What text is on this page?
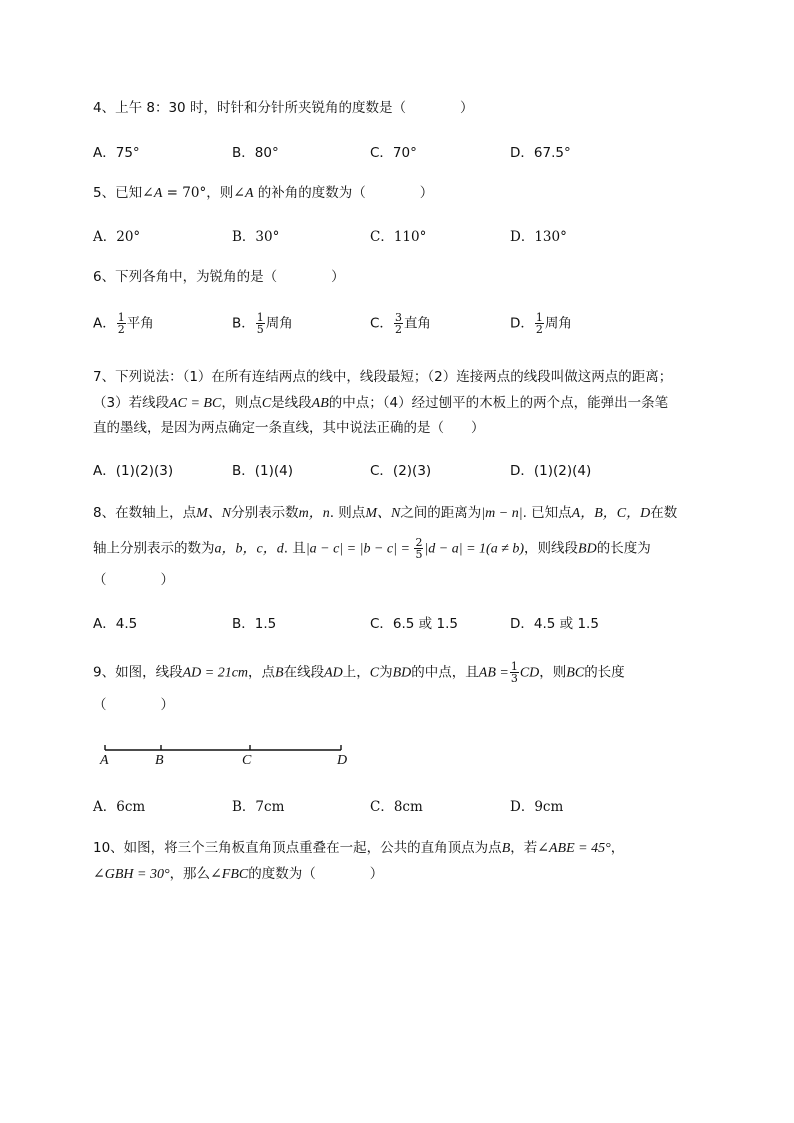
4、上午 8：30 时，时针和分针所夹锐角的度数是（　　　　）
A．75°	B．80°	C．70°	D．67.5°
5、已知∠A = 70°，则∠A 的补角的度数为（　　　　）
A．20°	B．30°	C．110°	D．130°
6、下列各角中，为锐角的是（　　　　）
A． $\frac{1}{2}$ 平角	B． $\frac{1}{5}$ 周角	C． $\frac{3}{2}$ 直角	D． $\frac{1}{2}$ 周角
7、下列说法：（1）在所有连结两点的线中，线段最短；（2）连接两点的线段叫做这两点的距离；
（3）若线段AC = BC，则点C是线段AB的中点；（4）经过刨平的木板上的两个点，能弹出一条笔
直的墨线，是因为两点确定一条直线，其中说法正确的是（　　）
A．(1)(2)(3)	B．(1)(4)	C．(2)(3)	D．(1)(2)(4)
8、在数轴上，点M、N分别表示数m，n. 则点M、N之间的距离为|m − n|. 已知点A，B，C，D在数
轴上分别表示的数为a，b，c，d. 且$|a - c| = |b - c| = \frac{2}{5} |d - a| = 1(a \ne b)$，则线段BD的长度为
（　　　　）
A．4.5	B．1.5	C．6.5 或 1.5	D．4.5 或 1.5
9、如图，线段AD = 21cm，点B在线段AD上，C为BD的中点，且AB = $\frac{1}{3}$ CD，则BC的长度
（　　　　）
A	B	C	D
A．6cm	B．7cm	C．8cm	D．9cm
10、如图，将三个三角板直角顶点重叠在一起，公共的直角顶点为点B，若∠ABE = 45°，
∠GBH = 30°，那么∠FBC的度数为（　　　　）
